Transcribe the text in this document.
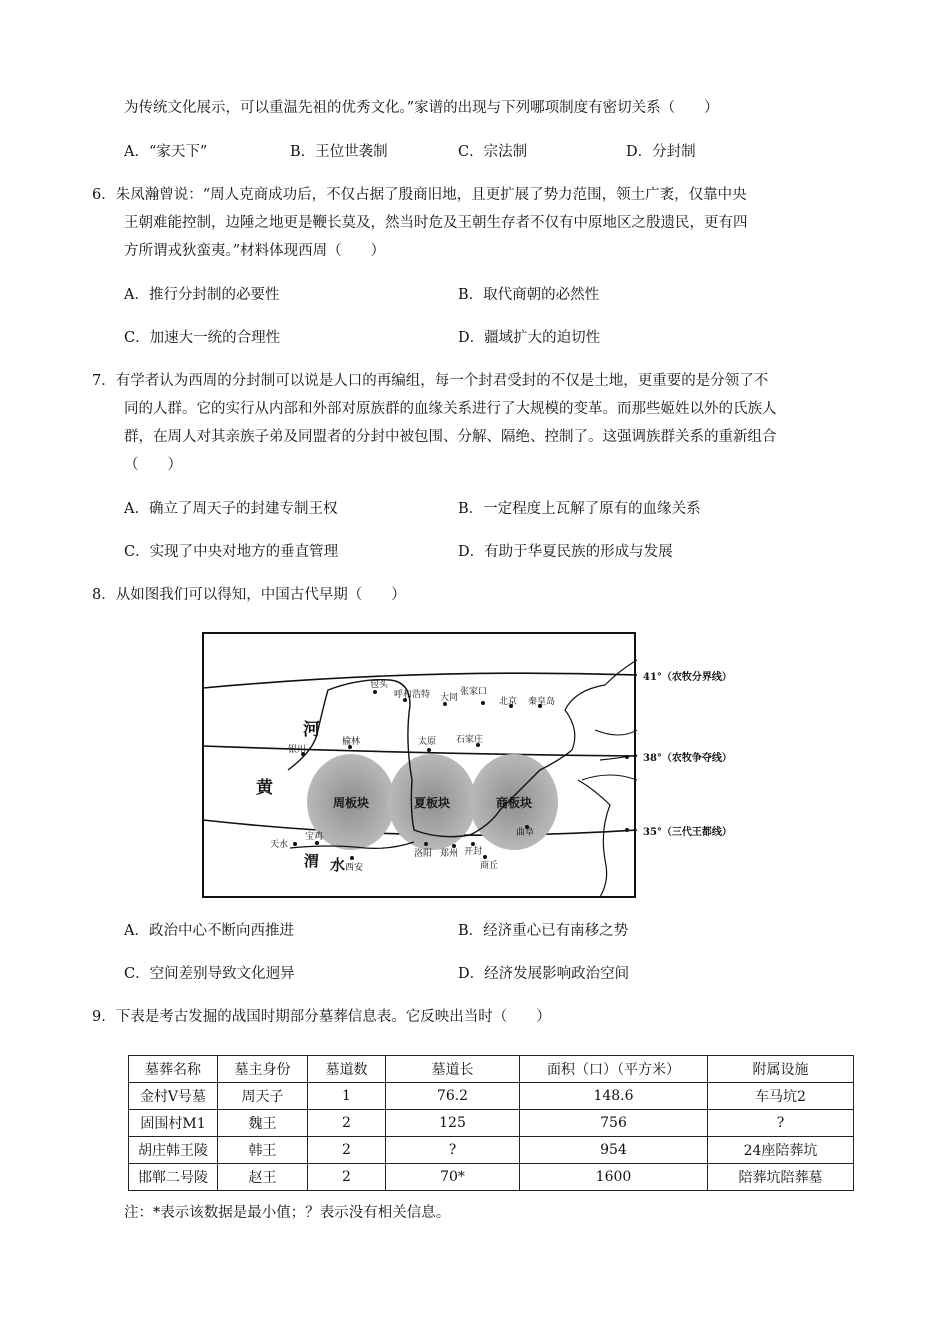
为传统文化展示，可以重温先祖的优秀文化。”家谱的出现与下列哪项制度有密切关系（　　）
A．“家天下”	B．王位世袭制	C．宗法制	D．分封制
6．朱凤瀚曾说：“周人克商成功后，不仅占据了殷商旧地，且更扩展了势力范围，领土广袤，仅靠中央
王朝难能控制，边陲之地更是鞭长莫及，然当时危及王朝生存者不仅有中原地区之殷遗民，更有四
方所谓戎狄蛮夷。”材料体现西周（　　）
A．推行分封制的必要性	B．取代商朝的必然性
C．加速大一统的合理性	D．疆域扩大的迫切性
7．有学者认为西周的分封制可以说是人口的再编组，每一个封君受封的不仅是土地，更重要的是分领了不
同的人群。它的实行从内部和外部对原族群的血缘关系进行了大规模的变革。而那些姬姓以外的氏族人
群，在周人对其亲族子弟及同盟者的分封中被包围、分解、隔绝、控制了。这强调族群关系的重新组合
（　　）
A．确立了周天子的封建专制王权	B．一定程度上瓦解了原有的血缘关系
C．实现了中央对地方的垂直管理	D．有助于华夏民族的形成与发展
8．从如图我们可以得知，中国古代早期（　　）
包头
呼和浩特 大同
张家口
北京 秦皇岛
银川
榆林	太原 石家庄
天水
宝鸡
西安
洛阳 郑州 开封
商丘
曲阜
河
黄
渭 水
周板块	夏板块	商板块
41°（农牧分界线）
38°（农牧争夺线）
35°（三代王都线）
A．政治中心不断向西推进	B．经济重心已有南移之势
C．空间差别导致文化迥异	D．经济发展影响政治空间
9．下表是考古发掘的战国时期部分墓葬信息表。它反映出当时（　　）
墓葬名称	墓主身份	墓道数	墓道长	面积（口）（平方米）	附属设施
金村Ⅴ号墓	周天子	1	76.2	148.6	车马坑2
固围村M1	魏王	2	125	756	?
胡庄韩王陵	韩王	2	?	954	24座陪葬坑
邯郸二号陵	赵王	2	70*	1600	陪葬坑陪葬墓
注：*表示该数据是最小值；？表示没有相关信息。
